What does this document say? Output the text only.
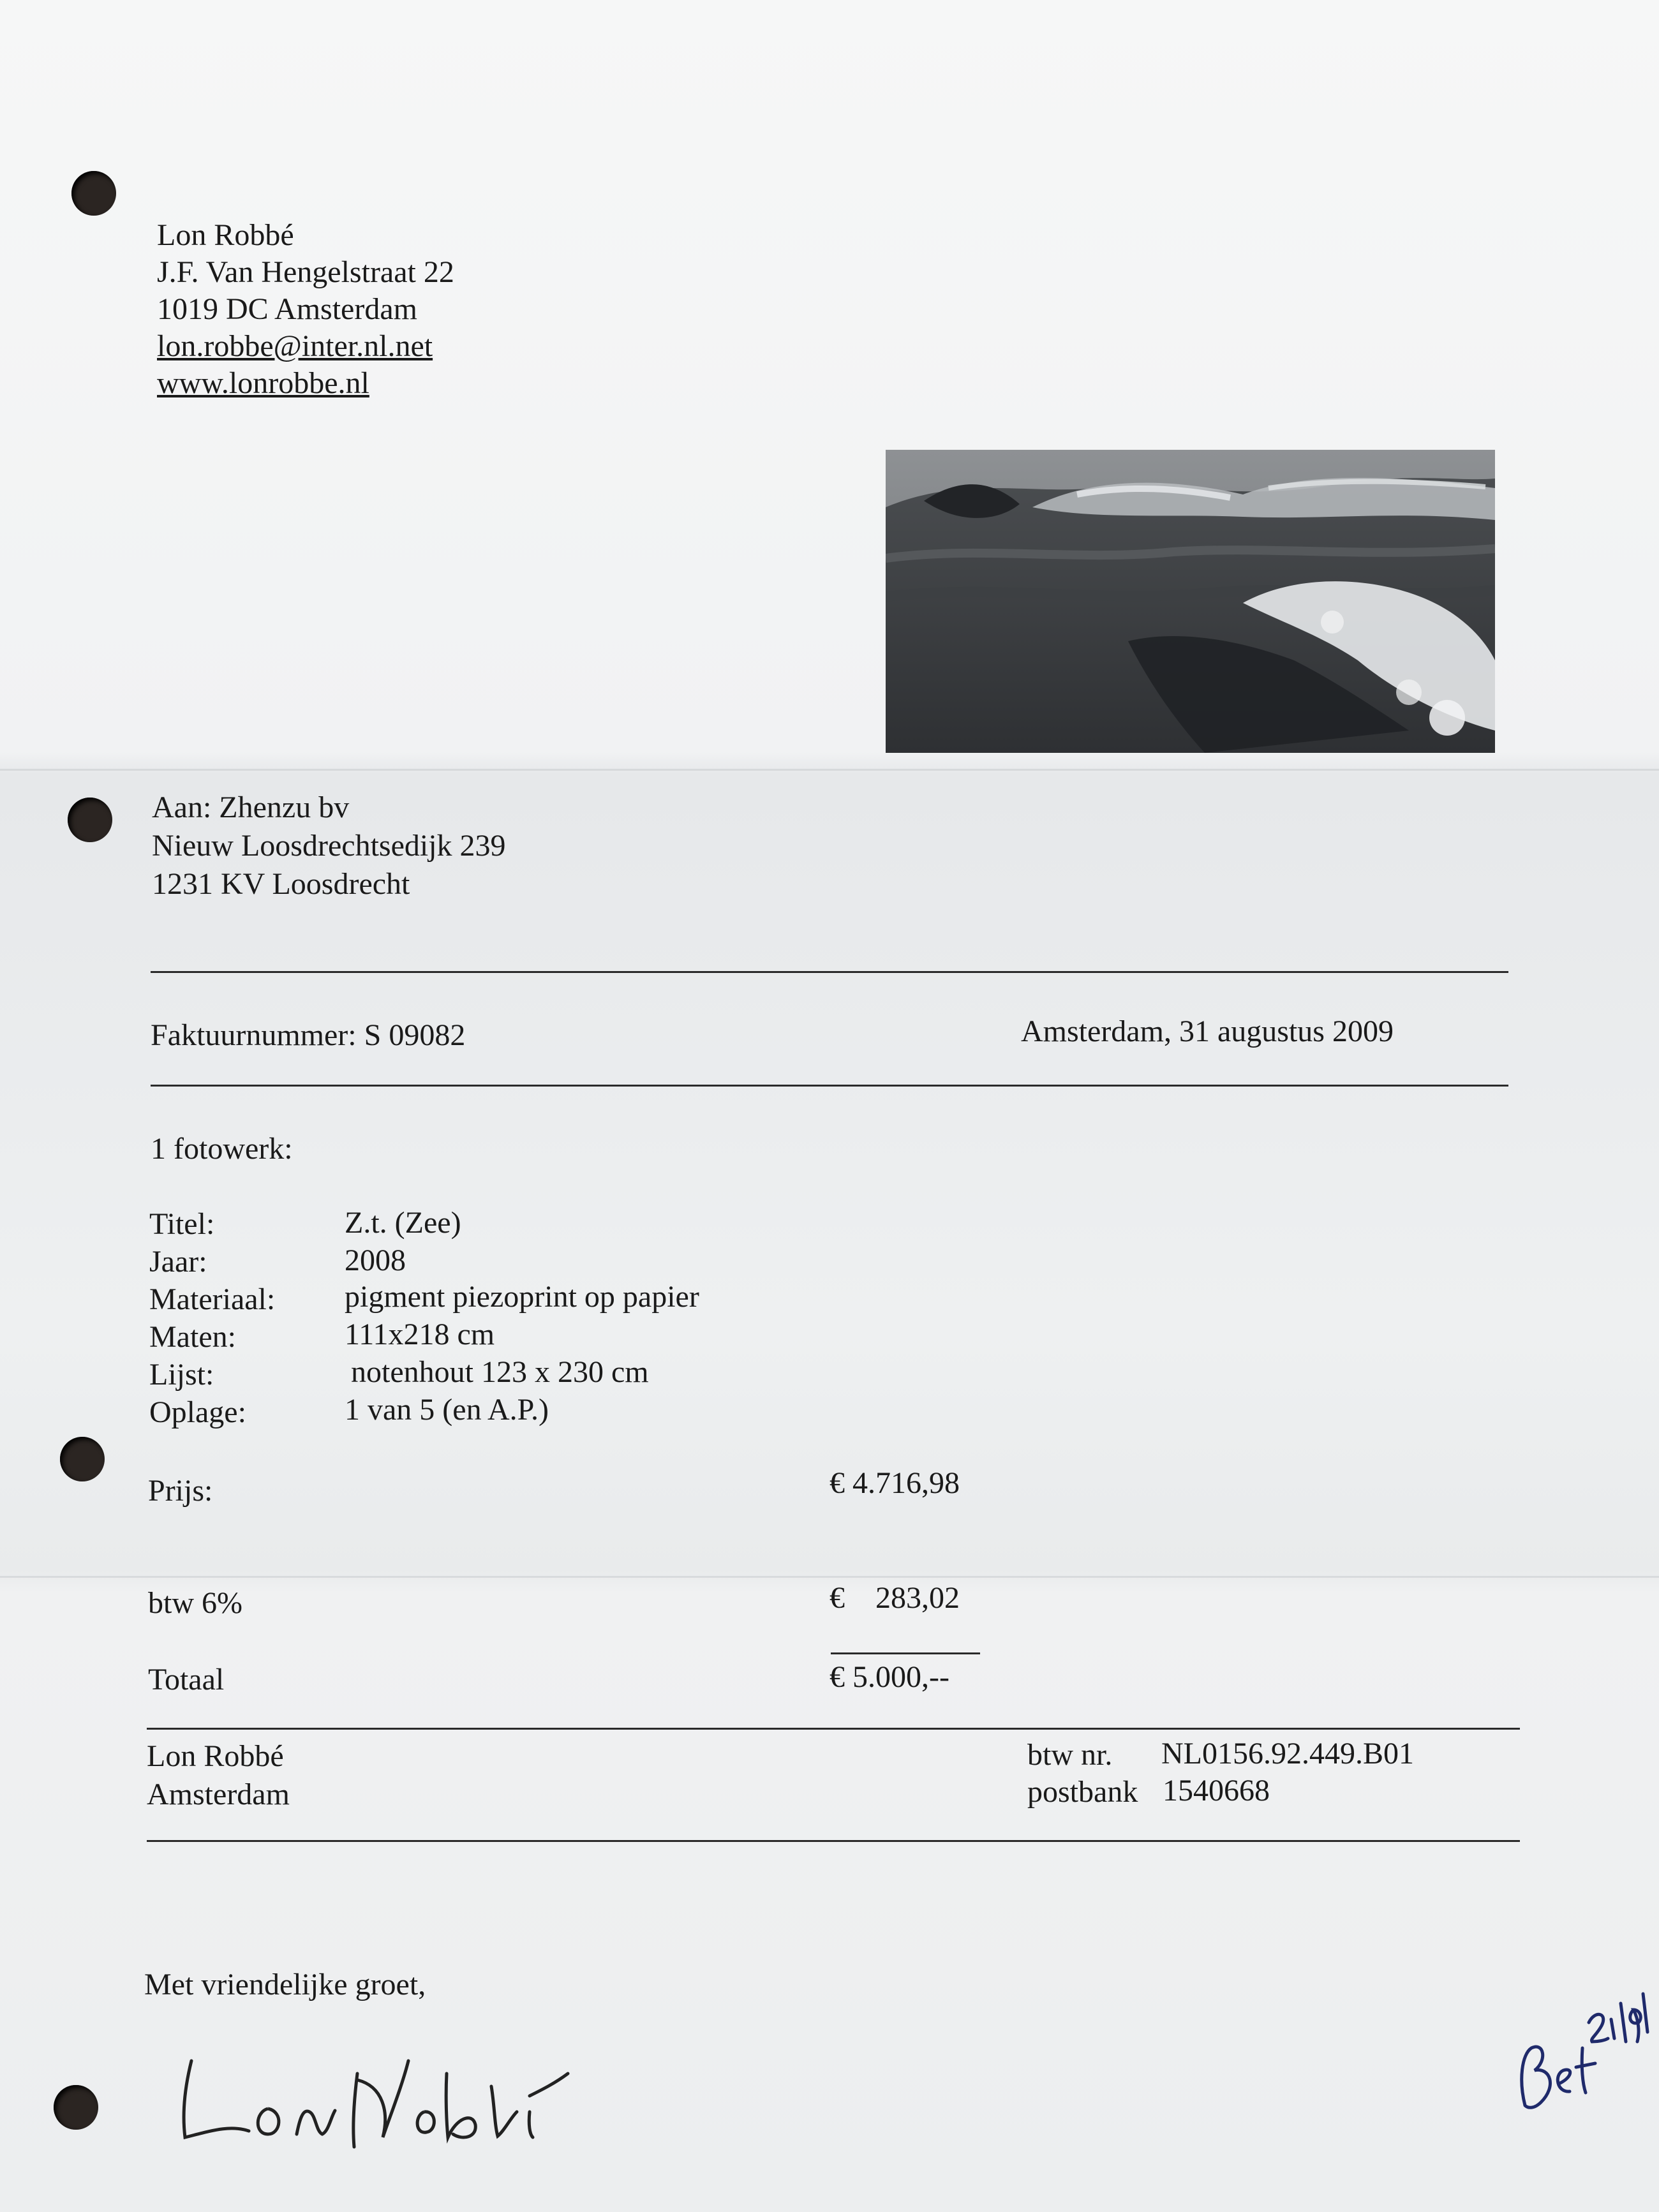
Lon Robbé
J.F. Van Hengelstraat 22
1019 DC Amsterdam
lon.robbe@inter.nl.net
www.lonrobbe.nl
Aan: Zhenzu bv
Nieuw Loosdrechtsedijk 239
1231 KV Loosdrecht
Faktuurnummer: S 09082	Amsterdam, 31 augustus 2009
1 fotowerk:
Titel:	Z.t. (Zee)
Jaar:	2008
Materiaal: pigment piezoprint op papier
Maten:	111x218 cm
Lijst:	notenhout 123 x 230 cm
Oplage:	1 van 5 (en A.P.)
Prijs:	€ 4.716,98
btw 6%	€    283,02
Totaal	€ 5.000,--
Lon Robbé
Amsterdam
btw nr. NL0156.92.449.B01
postbank 1540668
Met vriendelijke groet,
